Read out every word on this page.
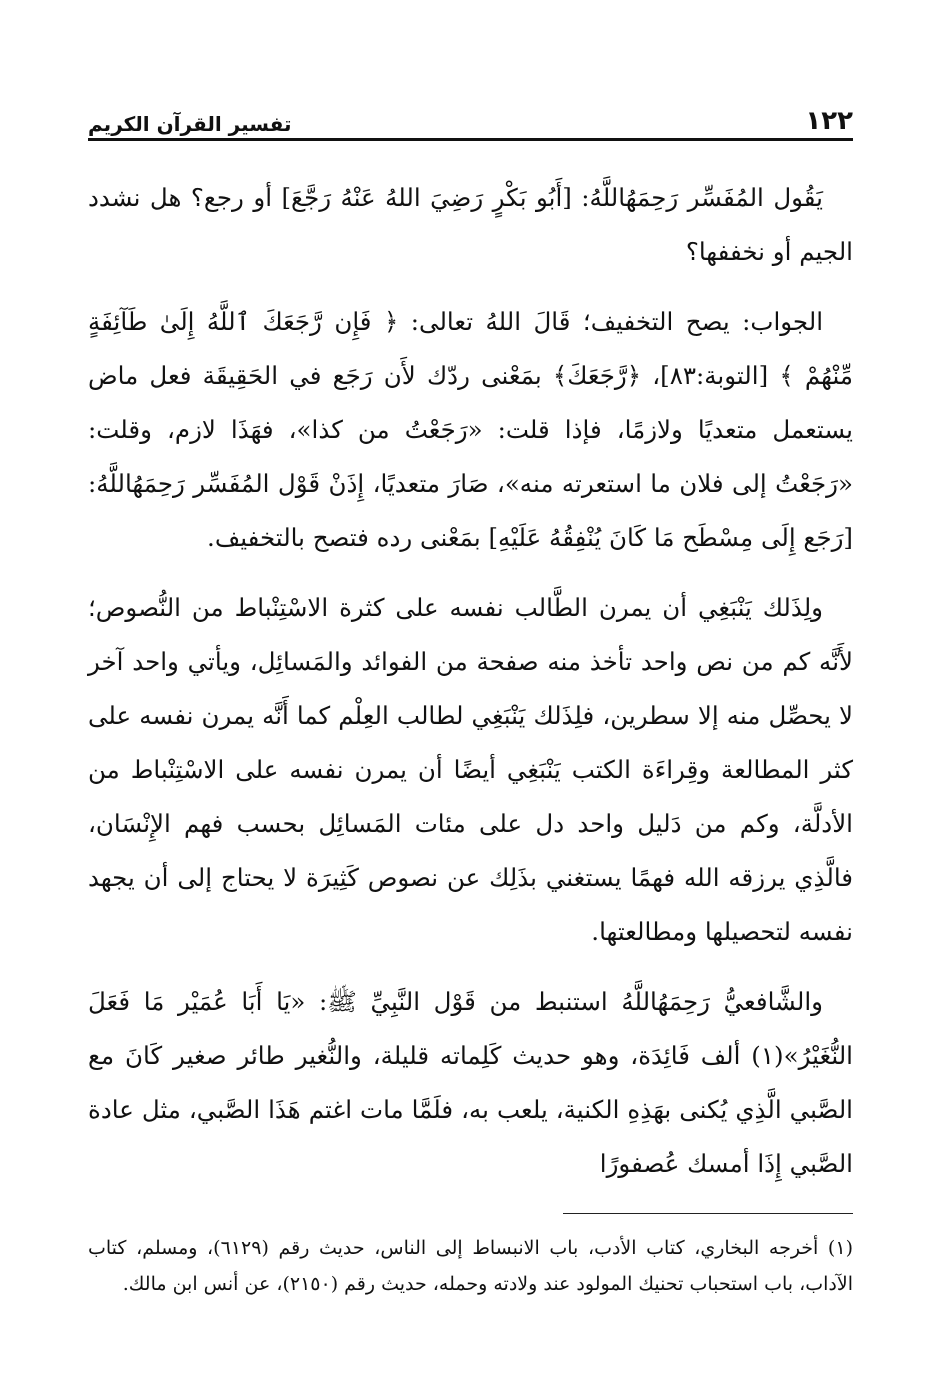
١٢٢
تفسير القرآن الكريم

يَقُول المُفَسِّر رَحِمَهُاللَّهُ: [أَبُو بَكْرٍ رَضِيَ اللهُ عَنْهُ رَجَّعَ] أو رجع؟ هل نشدد الجيم أو نخففها؟

الجواب: يصح التخفيف؛ قَالَ اللهُ تعالى: ﴿ فَإِن رَّجَعَكَ ٱللَّهُ إِلَىٰ طَآئِفَةٍ مِّنْهُمْ ﴾ [التوبة:٨٣]، ﴿رَّجَعَكَ﴾ بمَعْنى ردّك لأَن رَجَع في الحَقِيقَة فعل ماض يستعمل متعديًا ولازمًا، فإذا قلت: «رَجَعْتُ من كذا»، فهَذَا لازم، وقلت: «رَجَعْتُ إلى فلان ما استعرته منه»، صَارَ متعديًا، إِذَنْ قَوْل المُفَسِّر رَحِمَهُاللَّهُ: [رَجَع إِلَى مِسْطَح مَا كَانَ يُنْفِقُهُ عَلَيْهِ] بمَعْنى رده فتصح بالتخفيف.

ولِذَلك يَنْبَغِي أن يمرن الطَّالب نفسه على كثرة الاسْتِنْباط من النُّصوص؛ لأَنَّه كم من نص واحد تأخذ منه صفحة من الفوائد والمَسائِل، ويأتي واحد آخر لا يحصِّل منه إلا سطرين، فلِذَلك يَنْبَغِي لطالب العِلْم كما أَنَّه يمرن نفسه على كثر المطالعة وقِراءَة الكتب يَنْبَغِي أيضًا أن يمرن نفسه على الاسْتِنْباط من الأدلَّة، وكم من دَليل واحد دل على مئات المَسائِل بحسب فهم الإِنْسَان، فالَّذِي يرزقه الله فهمًا يستغني بذَلِك عن نصوص كَثِيرَة لا يحتاج إلى أن يجهد نفسه لتحصيلها ومطالعتها.

والشَّافعيُّ رَحِمَهُاللَّهُ استنبط من قَوْل النَّبِيِّ ﷺ: «يَا أَبَا عُمَيْر مَا فَعَلَ النُّغَيْرُ»(١) ألف فَائِدَة، وهو حديث كَلِماته قليلة، والنُّغير طائر صغير كَانَ مع الصَّبي الَّذِي يُكنى بهَذِهِ الكنية، يلعب به، فلَمَّا مات اغتم هَذَا الصَّبي، مثل عادة الصَّبي إِذَا أمسك عُصفورًا

(١) أخرجه البخاري، كتاب الأدب، باب الانبساط إلى الناس، حديث رقم (٦١٢٩)، ومسلم، كتاب الآداب، باب استحباب تحنيك المولود عند ولادته وحمله، حديث رقم (٢١٥٠)، عن أنس ابن مالك.
